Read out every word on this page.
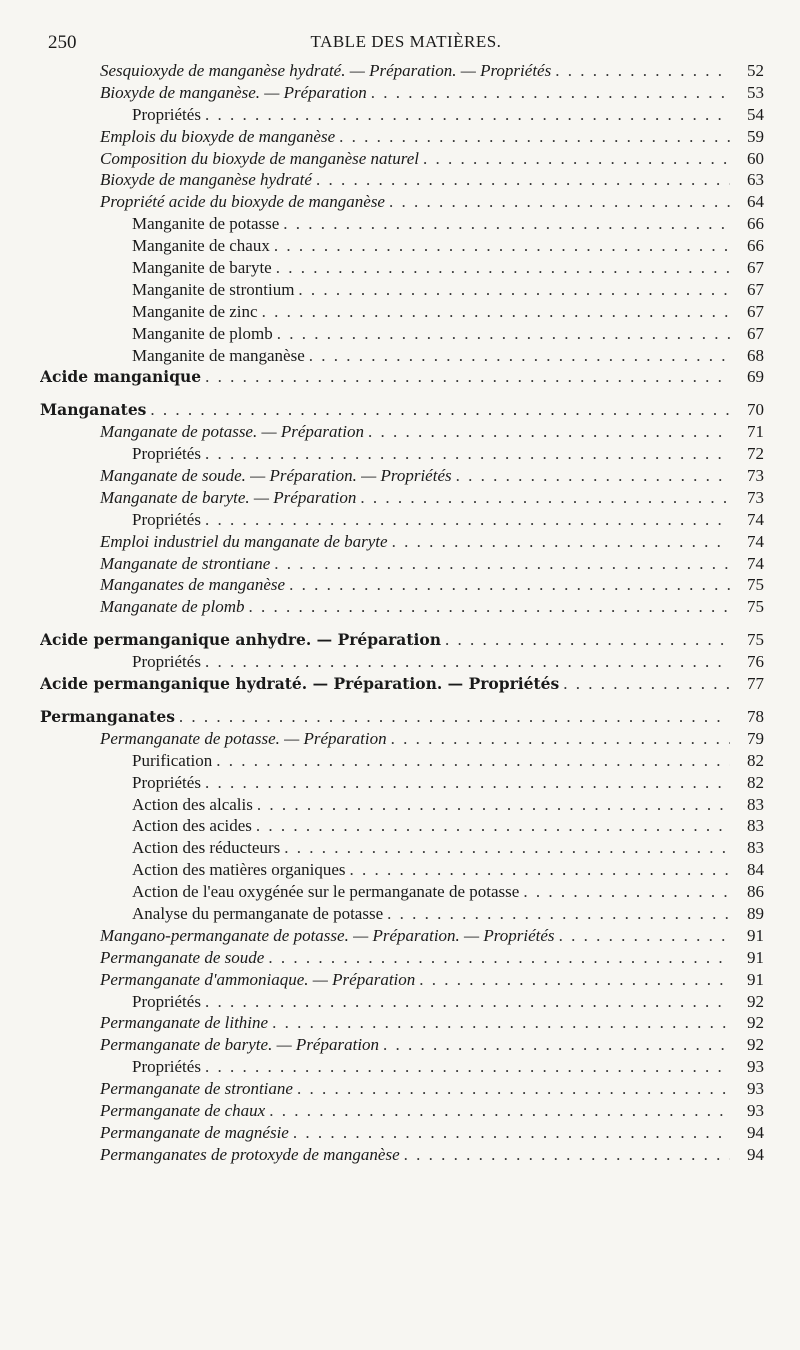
250	TABLE DES MATIÈRES.
Sesquioxyde de manganèse hydraté. — Préparation. — Propriétés . . .	52
Bioxyde de manganèse. — Préparation . . .	53
Propriétés . . .	54
Emplois du bioxyde de manganèse . . .	59
Composition du bioxyde de manganèse naturel . . .	60
Bioxyde de manganèse hydraté . . .	63
Propriété acide du bioxyde de manganèse . . .	64
Manganite de potasse . . .	66
Manganite de chaux . . .	66
Manganite de baryte . . .	67
Manganite de strontium . . .	67
Manganite de zinc . . .	67
Manganite de plomb . . .	67
Manganite de manganèse . . .	68
Acide manganique . . .	69
Manganates . . .	70
Manganate de potasse. — Préparation . . .	71
Propriétés . . .	72
Manganate de soude. — Préparation. — Propriétés . . .	73
Manganate de baryte. — Préparation . . .	73
Propriétés . . .	74
Emploi industriel du manganate de baryte . . .	74
Manganate de strontiane . . .	74
Manganates de manganèse . . .	75
Manganate de plomb . . .	75
Acide permanganique anhydre. — Préparation . . .	75
Propriétés . . .	76
Acide permanganique hydraté. — Préparation. — Propriétés . . .	77
Permanganates . . .	78
Permanganate de potasse. — Préparation . . .	79
Purification . . .	82
Propriétés . . .	82
Action des alcalis . . .	83
Action des acides . . .	83
Action des réducteurs . . .	83
Action des matières organiques . . .	84
Action de l'eau oxygénée sur le permanganate de potasse . . .	86
Analyse du permanganate de potasse . . .	89
Mangano-permanganate de potasse. — Préparation. — Propriétés . . .	91
Permanganate de soude . . .	91
Permanganate d'ammoniaque. — Préparation . . .	91
Propriétés . . .	92
Permanganate de lithine . . .	92
Permanganate de baryte. — Préparation . . .	92
Propriétés . . .	93
Permanganate de strontiane . . .	93
Permanganate de chaux . . .	93
Permanganate de magnésie . . .	94
Permanganates de protoxyde de manganèse . . .	94
